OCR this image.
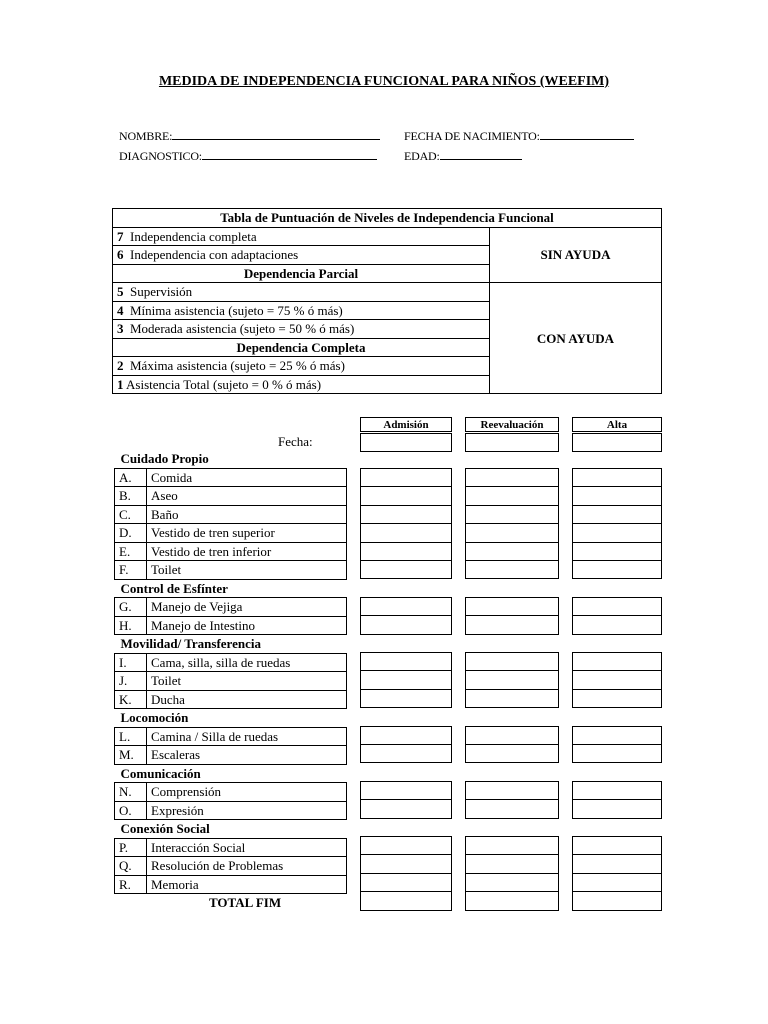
MEDIDA DE INDEPENDENCIA FUNCIONAL PARA NIÑOS (WEEFIM)
NOMBRE:	FECHA DE NACIMIENTO:
DIAGNOSTICO:	EDAD:
Tabla de Puntuación de Niveles de Independencia Funcional	
7 Independencia completa	SIN AYUDA
6 Independencia con adaptaciones	
Dependencia Parcial	
5 Supervisión	CON AYUDA
4 Mínima asistencia (sujeto = 75 % ó más)	
3 Moderada asistencia (sujeto = 50 % ó más)	
Dependencia Completa	
2 Máxima asistencia (sujeto = 25 % ó más)	
1 Asistencia Total (sujeto = 0 % ó más)	
Admisión	Reevaluación	Alta
Fecha:
Cuidado Propio	
A.	Comida
B.	Aseo
C.	Baño
D.	Vestido de tren superior
E.	Vestido de tren inferior
F.	Toilet
Control de Esfínter	
G.	Manejo de Vejiga
H.	Manejo de Intestino
Movilidad/ Transferencia	
I.	Cama, silla, silla de ruedas
J.	Toilet
K.	Ducha
Locomoción	
L.	Camina / Silla de ruedas
M.	Escaleras
Comunicación	
N.	Comprensión
O.	Expresión
Conexión Social	
P.	Interacción Social
Q.	Resolución de Problemas
R.	Memoria
TOTAL FIM
